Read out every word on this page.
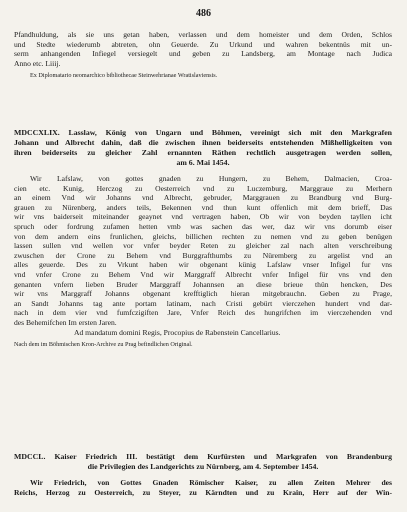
486
Pfandhuldung, als sie uns getan haben, verlassen und dem homeister und dem Orden, Schlos
und Stedte wiederumb abtreten, ohn Geuerde. Zu Urkund und wahren bekentnüs mit un-
serm anhangenden Infiegel versiegelt und geben zu Landsberg, am Montage nach Judica
Anno etc. Liiij.
Ex Diplomatario neomarchico bibliothecae Steinwehrianae Wratislaviensis.
MDCCXLIX. Lasslaw, König von Ungarn und Böhmen, vereinigt sich mit den Markgrafen
Johann und Albrecht dahin, daß die zwischen ihnen beiderseits entstehenden Mißhelligkeiten von
ihren beiderseits zu gleicher Zahl ernannten Räthen rechtlich ausgetragen werden sollen,
am 6. Mai 1454.
Wir Lafslaw, von gottes gnaden zu Hungern, zu Behem, Dalmacien, Croa-
cien etc. Kunig, Herczog zu Oesterreich vnd zu Luczemburg, Marggraue zu Merhern
an einem Vnd wir Johanns vnd Albrecht, gebruder, Marggrauen zu Brandburg vnd Burg-
grauen zu Nürenberg, anders teils, Bekennen vnd thun kunt offenlich mit dem brieff, Das
wir vns baiderseit miteinander geaynet vnd vertragen haben, Ob wir von beyden tayllen icht
spruch oder fordrung zufamen hetten vmb was sachen das wer, daz wir vns dorumb eiser
von dem andern eins frunlichen, gleichs, billichen rechten zu nemen vnd zu geben benügen
lassen sullen vnd wellen vor vnfer beyder Reten zu gleicher zal nach alten verschreibung
zwuschen der Crone zu Behem vnd Burggrafthumbs zu Nüremberg zu argelist vnd an
alles geuerde. Des zu Vrkunt haben wir obgenant künig Lafslaw vnser Infigel fur vns
vnd vnfer Crone zu Behem Vnd wir Marggraff Albrecht vnfer Infigel für vns vnd den
genanten vnfern lieben Bruder Marggraff Johannsen an diese brieue thün hencken, Des
wir vns Marggraff Johanns obgenant krefftiglich hieran mitgebrauchn. Geben zu Prage,
an Sandt Johanns tag ante portam latinam, nach Cristi gebürt vierczehen hundert vnd dar-
nach in dem vier vnd fumfczigiften Jare, Vnfer Reich des hungrifchen im vierczehenden vnd
des Behemifchen Im ersten Jaren.
Ad mandatum domini Regis, Procopius de Rabenstein Cancellarius.
Nach dem im Böhmischen Kron-Archive zu Prag befindlichen Original.
MDCCL. Kaiser Friedrich III. bestätigt dem Kurfürsten und Markgrafen von Brandenburg
die Privilegien des Landgerichts zu Nürnberg, am 4. September 1454.
Wir Friedrich, von Gottes Gnaden Römischer Kaiser, zu allen Zeiten Mehrer des
Reichs, Herzog zu Oesterreich, zu Steyer, zu Kärndten und zu Krain, Herr auf der Win-
